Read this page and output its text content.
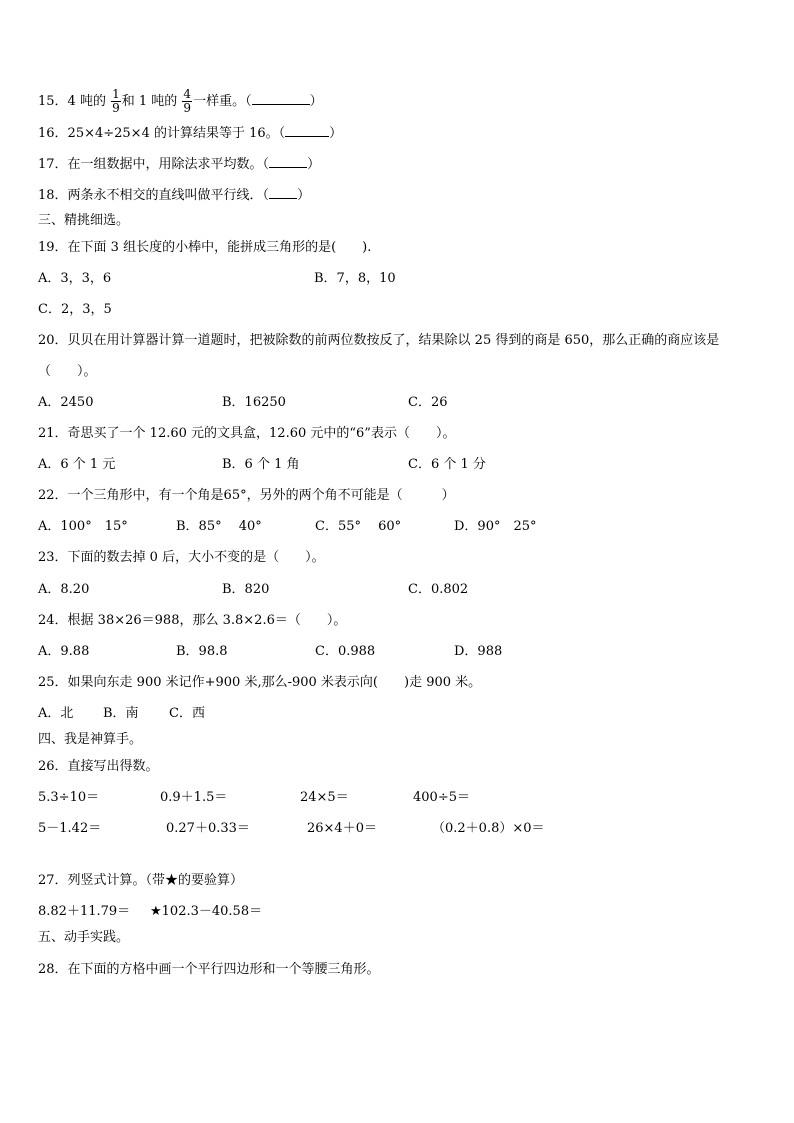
15．4 吨的 $\frac{1}{9}$ 和 1 吨的 $\frac{4}{9}$ 一样重。（	）
16．25×4÷25×4 的计算结果等于 16。（	）
17．在一组数据中，用除法求平均数。（	）
18．两条永不相交的直线叫做平行线．（ ）
三、精挑细选。
19．在下面 3 组长度的小棒中，能拼成三角形的是(　　).
A．3，3，6	B．7，8，10
C．2，3，5
20．贝贝在用计算器计算一道题时，把被除数的前两位数按反了，结果除以 25 得到的商是 650，那么正确的商应该是
（　　）。
A．2450	B．16250	C．26
21．奇思买了一个 12.60 元的文具盒，12.60 元中的“6”表示（　　）。
A．6 个 1 元	B．6 个 1 角	C．6 个 1 分
22．一个三角形中，有一个角是65°，另外的两个角不可能是（　　　）
A．100°　15°	B．85°　 40°	C．55°　 60°	D．90°　25°
23．下面的数去掉 0 后，大小不变的是（　　）。
A．8.20	B．820	C．0.802
24．根据 38×26＝988，那么 3.8×2.6＝（　　）。
A．9.88	B．98.8	C．0.988	D．988
25．如果向东走 900 米记作+900 米,那么-900 米表示向(　　)走 900 米。
A．北 B．南 C．西
四、我是神算手。
26．直接写出得数。
5.3÷10＝	0.9＋1.5＝	24×5＝	400÷5＝
5－1.42＝	0.27＋0.33＝	26×4＋0＝	（0.2＋0.8）×0＝
27．列竖式计算。（带★的要验算）
8.82＋11.79＝ ★102.3－40.58＝
五、动手实践。
28．在下面的方格中画一个平行四边形和一个等腰三角形。
